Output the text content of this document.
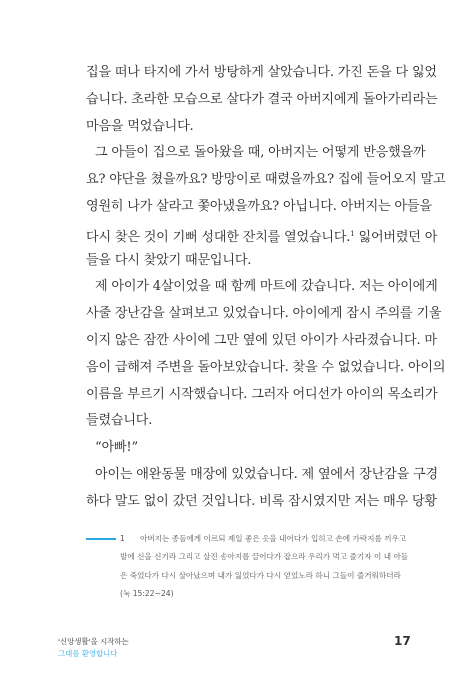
집을 떠나 타지에 가서 방탕하게 살았습니다. 가진 돈을 다 잃었
습니다. 초라한 모습으로 살다가 결국 아버지에게 돌아가리라는
마음을 먹었습니다.
그 아들이 집으로 돌아왔을 때, 아버지는 어떻게 반응했을까
요? 야단을 쳤을까요? 방망이로 때렸을까요? 집에 들어오지 말고
영원히 나가 살라고 쫓아냈을까요? 아닙니다. 아버지는 아들을
다시 찾은 것이 기뻐 성대한 잔치를 열었습니다.$^1$ 잃어버렸던 아
들을 다시 찾았기 때문입니다.
제 아이가 4살이었을 때 함께 마트에 갔습니다. 저는 아이에게
사줄 장난감을 살펴보고 있었습니다. 아이에게 잠시 주의를 기울
이지 않은 잠깐 사이에 그만 옆에 있던 아이가 사라졌습니다. 마
음이 급해져 주변을 돌아보았습니다. 찾을 수 없었습니다. 아이의
이름을 부르기 시작했습니다. 그러자 어디선가 아이의 목소리가
들렸습니다.
“아빠!”
아이는 애완동물 매장에 있었습니다. 제 옆에서 장난감을 구경
하다 말도 없이 갔던 것입니다. 비록 잠시였지만 저는 매우 당황
1 아버지는 종들에게 이르되 제일 좋은 옷을 내어다가 입히고 손에 가락지를 끼우고
발에 신을 신기라 그리고 살진 송아지를 끌어다가 잡으라 우리가 먹고 즐기자 이 내 아들
은 죽었다가 다시 살아났으며 내가 잃었다가 다시 얻었노라 하니 그들이 즐거워하더라
(눅 15:22~24)
'신앙생활'을 시작하는
그대를 환영합니다
17
